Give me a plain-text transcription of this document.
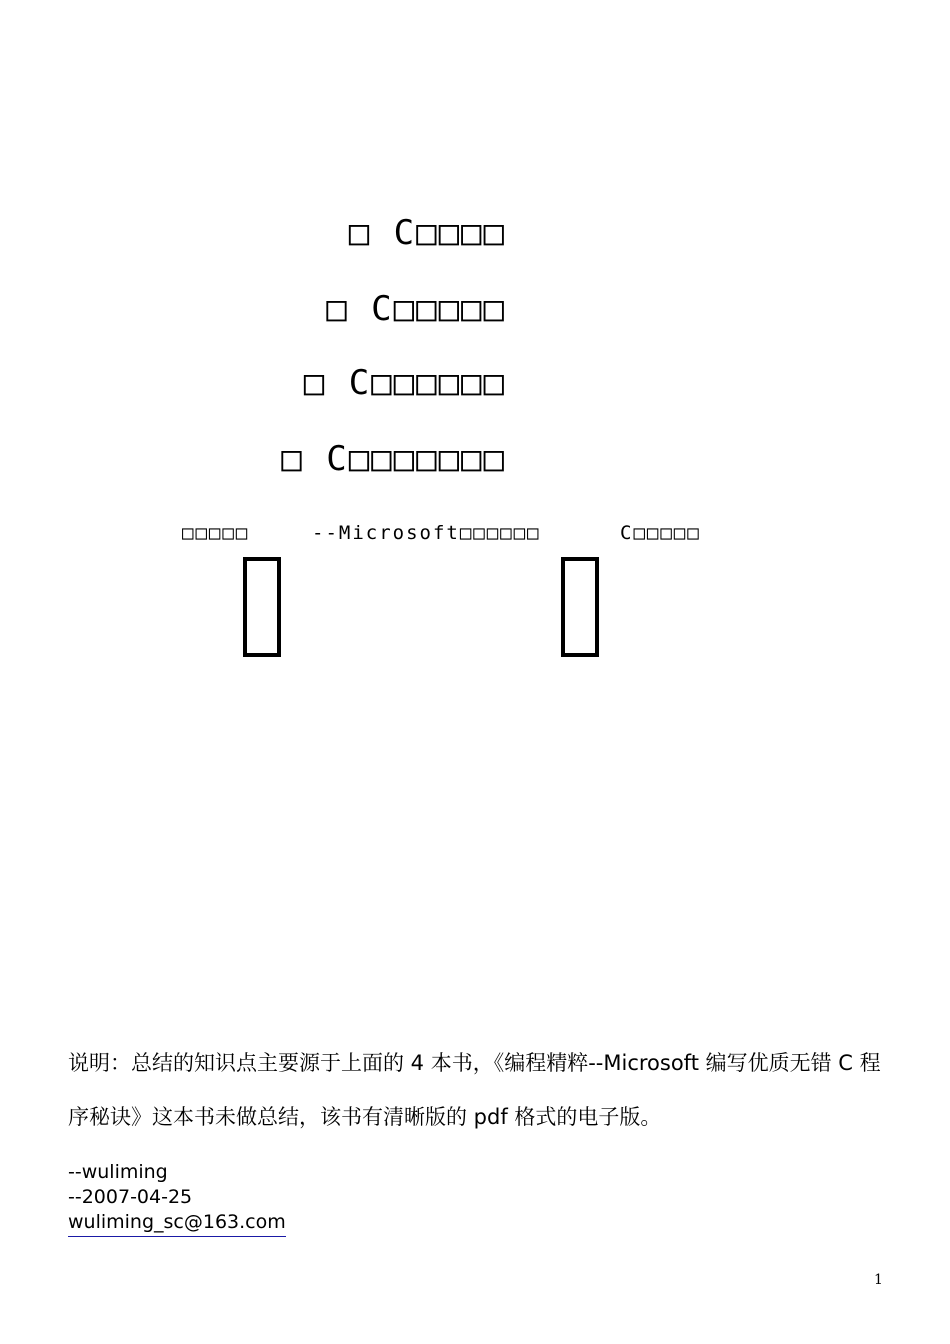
□ C□□□□
□ C□□□□□
□ C□□□□□□
□ C□□□□□□□
□□□□□	--Microsoft□□□□□□	C□□□□□
说明：总结的知识点主要源于上面的 4 本书，《编程精粹--Microsoft 编写优质无错 C 程序秘诀》这本书未做总结，该书有清晰版的 pdf 格式的电子版。
--wuliming
--2007-04-25
wuliming_sc@163.com
1
